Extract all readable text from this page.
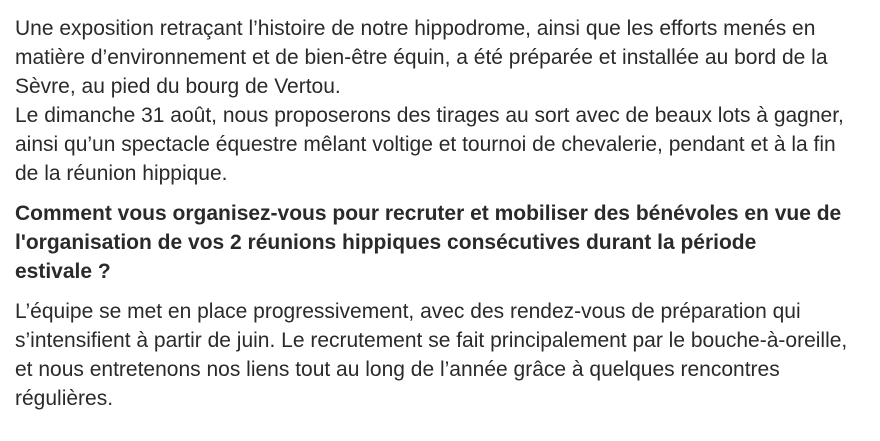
Une exposition retraçant l’histoire de notre hippodrome, ainsi que les efforts menés en
matière d’environnement et de bien-être équin, a été préparée et installée au bord de la
Sèvre, au pied du bourg de Vertou.
Le dimanche 31 août, nous proposerons des tirages au sort avec de beaux lots à gagner,
ainsi qu’un spectacle équestre mêlant voltige et tournoi de chevalerie, pendant et à la fin
de la réunion hippique.
Comment vous organisez-vous pour recruter et mobiliser des bénévoles en vue de
l'organisation de vos 2 réunions hippiques consécutives durant la période
estivale ?
L’équipe se met en place progressivement, avec des rendez-vous de préparation qui
s’intensifient à partir de juin. Le recrutement se fait principalement par le bouche-à-oreille,
et nous entretenons nos liens tout au long de l’année grâce à quelques rencontres
régulières.
